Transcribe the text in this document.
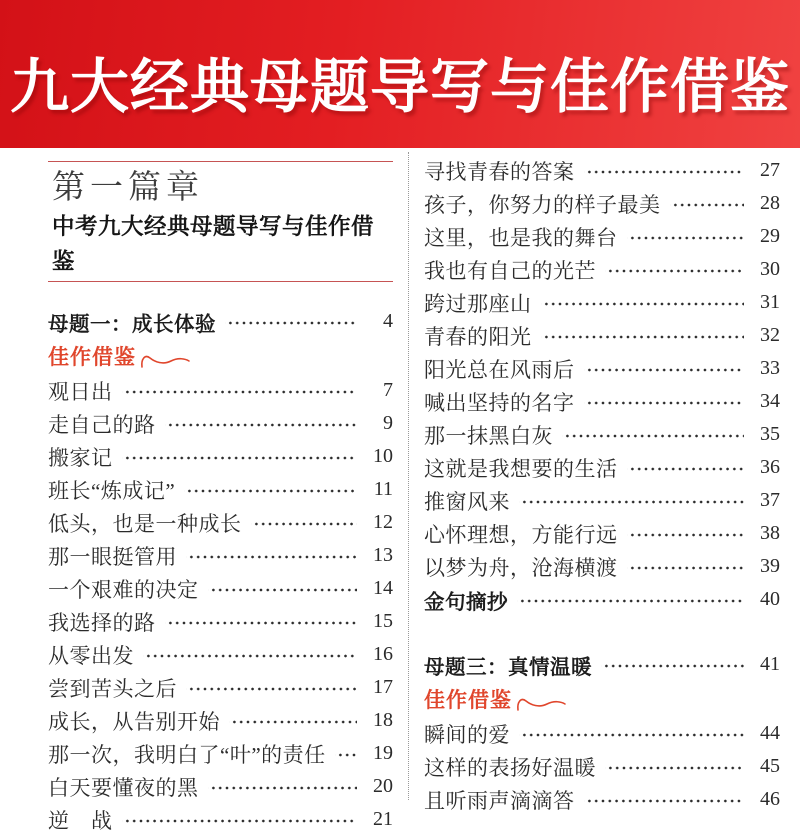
九大经典母题导写与佳作借鉴
第一篇章
中考九大经典母题导写与佳作借鉴
母题一：成长体验	4
佳作借鉴
观日出	7
走自己的路	9
搬家记	10
班长“炼成记”	11
低头，也是一种成长	12
那一眼挺管用	13
一个艰难的决定	14
我选择的路	15
从零出发	16
尝到苦头之后	17
成长，从告别开始	18
那一次，我明白了“叶”的责任	19
白天要懂夜的黑	20
逆　战	21
寻找青春的答案	27
孩子，你努力的样子最美	28
这里，也是我的舞台	29
我也有自己的光芒	30
跨过那座山	31
青春的阳光	32
阳光总在风雨后	33
喊出坚持的名字	34
那一抹黑白灰	35
这就是我想要的生活	36
推窗风来	37
心怀理想，方能行远	38
以梦为舟，沧海横渡	39
金句摘抄	40
母题三：真情温暖	41
佳作借鉴
瞬间的爱	44
这样的表扬好温暖	45
且听雨声滴滴答	46
